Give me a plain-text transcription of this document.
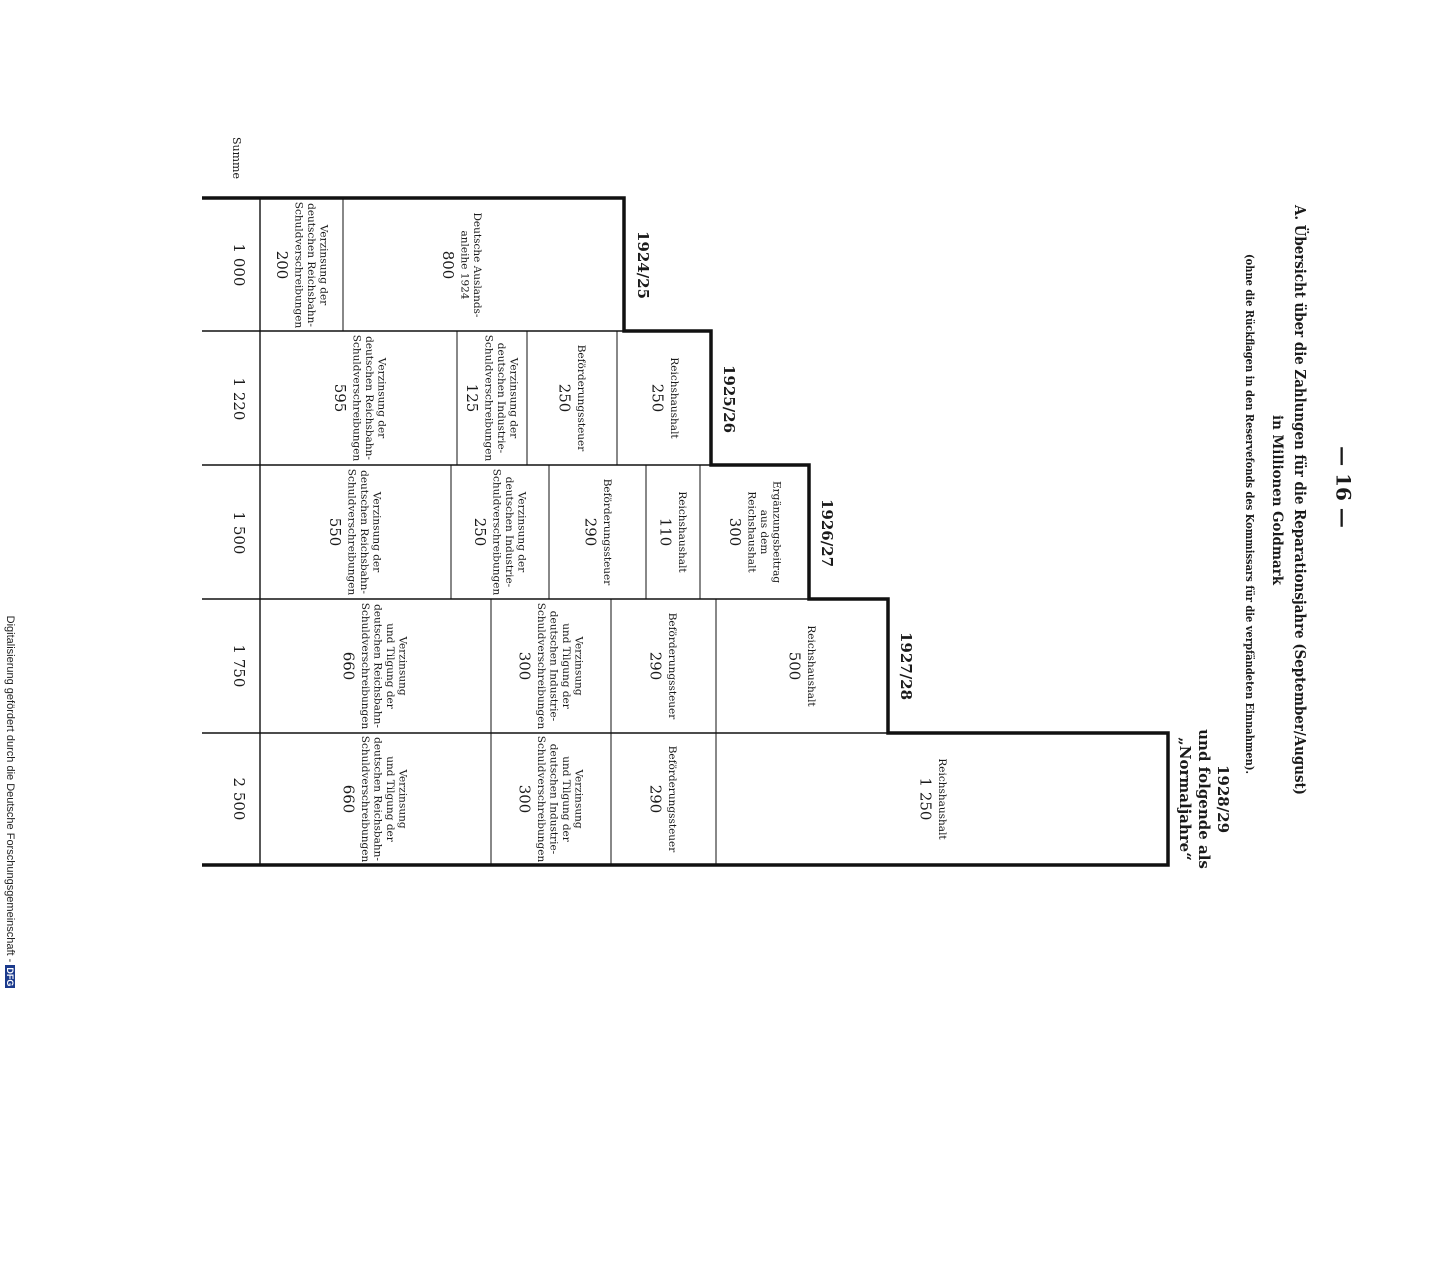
— 16 —
A. Übersicht über die Zahlungen für die Reparationsjahre (September/August)
in Millionen Goldmark
(ohne die Rückflagen in den Reservefonds des Kommissars für die verpfändeten Einnahmen).
Summe
1924/25
1925/26
1926/27
1927/28
1928/29
und folgende als
„Normaljahre“
1 000
1 220
1 500
1 750
2 500
Deutsche Auslands-
anleihe 1924
800
Verzinsung der
deutschen Reichsbahn-
Schuldverschreibungen
200
Reichshaushalt
250
Beförderungssteuer
250
Verzinsung der
deutschen Industrie-
Schuldverschreibungen
125
Verzinsung der
deutschen Reichsbahn-
Schuldverschreibungen
595
Ergänzungsbeitrag
aus dem
Reichshaushalt
300
Reichshaushalt
110
Beförderungssteuer
290
Verzinsung der
deutschen Industrie-
Schuldverschreibungen
250
Verzinsung der
deutschen Reichsbahn-
Schuldverschreibungen
550
Reichshaushalt
500
Beförderungssteuer
290
Verzinsung
und Tilgung der
deutschen Industrie-
Schuldverschreibungen
300
Verzinsung
und Tilgung der
deutschen Reichsbahn-
Schuldverschreibungen
660
Reichshaushalt
1 250
Beförderungssteuer
290
Verzinsung
und Tilgung der
deutschen Industrie-
Schuldverschreibungen
300
Verzinsung
und Tilgung der
deutschen Reichsbahn-
Schuldverschreibungen
660
Digitalisierung gefördert durch die Deutsche Forschungsgemeinschaft -
DFG
